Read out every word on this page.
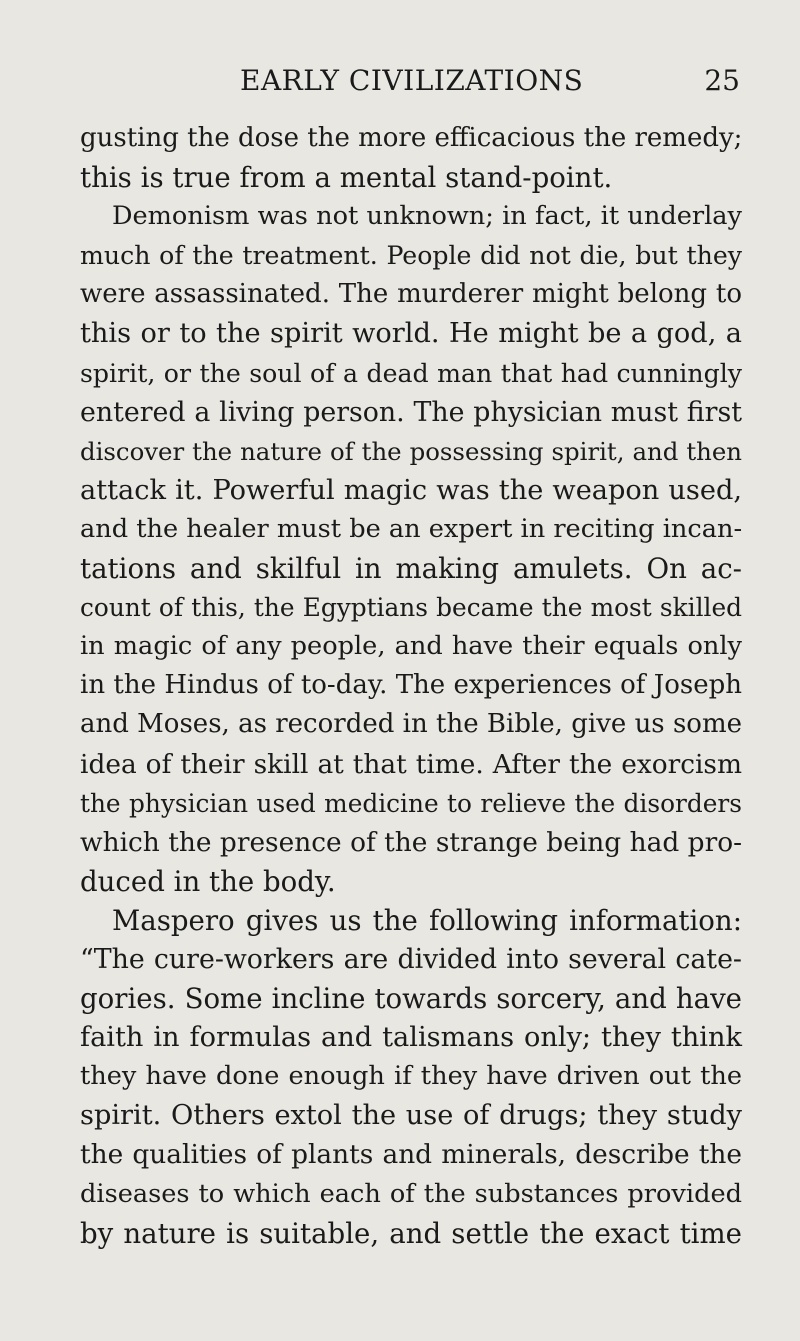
EARLY CIVILIZATIONS	25
gusting the dose the more efficacious the remedy;
this is true from a mental stand-point.
Demonism was not unknown; in fact, it underlay
much of the treatment. People did not die, but they
were assassinated. The murderer might belong to
this or to the spirit world. He might be a god, a
spirit, or the soul of a dead man that had cunningly
entered a living person. The physician must first
discover the nature of the possessing spirit, and then
attack it. Powerful magic was the weapon used,
and the healer must be an expert in reciting incan-
tations and skilful in making amulets. On ac-
count of this, the Egyptians became the most skilled
in magic of any people, and have their equals only
in the Hindus of to-day. The experiences of Joseph
and Moses, as recorded in the Bible, give us some
idea of their skill at that time. After the exorcism
the physician used medicine to relieve the disorders
which the presence of the strange being had pro-
duced in the body.
Maspero gives us the following information:
“The cure-workers are divided into several cate-
gories. Some incline towards sorcery, and have
faith in formulas and talismans only; they think
they have done enough if they have driven out the
spirit. Others extol the use of drugs; they study
the qualities of plants and minerals, describe the
diseases to which each of the substances provided
by nature is suitable, and settle the exact time
